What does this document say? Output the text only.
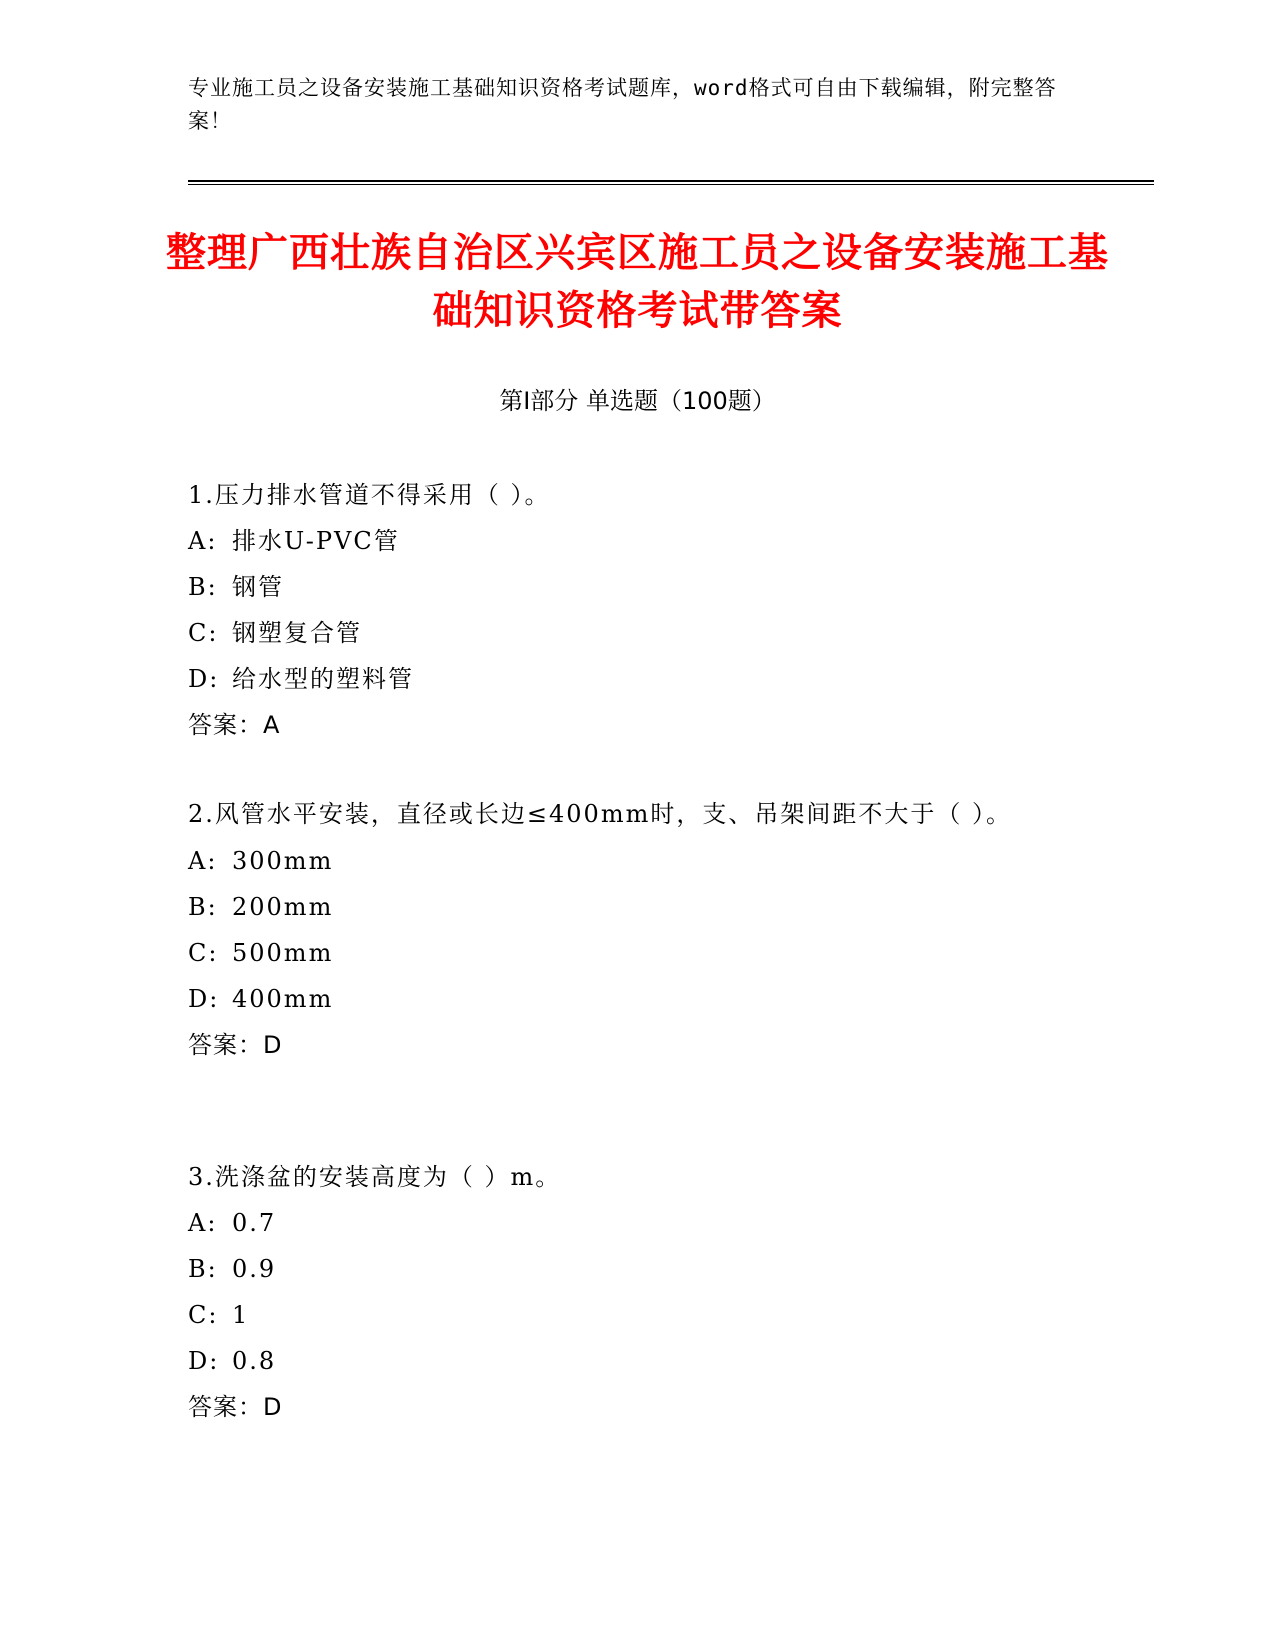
专业施工员之设备安装施工基础知识资格考试题库，word格式可自由下载编辑，附完整答案！
整理广西壮族自治区兴宾区施工员之设备安装施工基础知识资格考试带答案
第Ⅰ部分 单选题（100题）
1.压力排水管道不得采用（ ）。
A: 排水U-PVC管
B: 钢管
C: 钢塑复合管
D: 给水型的塑料管
答案：A
2.风管水平安装，直径或长边≤400mm时，支、吊架间距不大于（ ）。
A: 300mm
B: 200mm
C: 500mm
D: 400mm
答案：D
3.洗涤盆的安装高度为（ ）m。
A: 0.7
B: 0.9
C: 1
D: 0.8
答案：D
